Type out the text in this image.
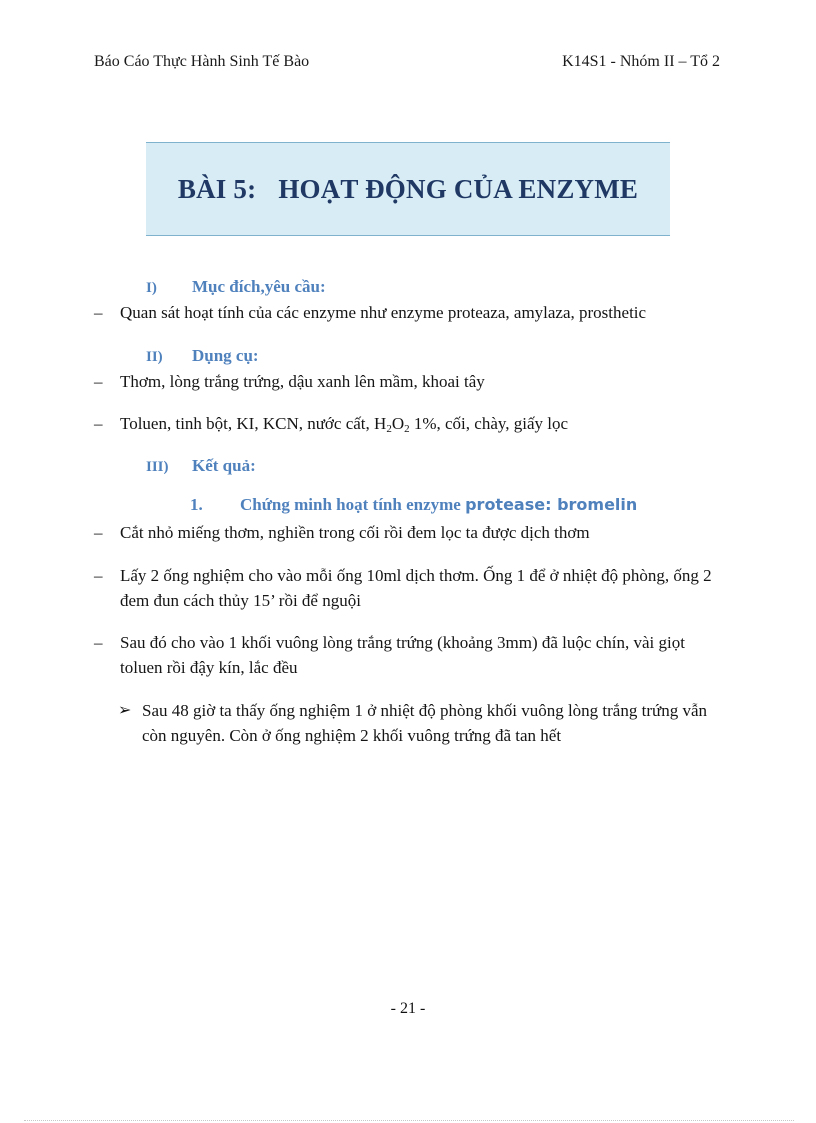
Báo Cáo Thực Hành Sinh Tế Bào	K14S1 - Nhóm II – Tổ 2
BÀI 5: HOẠT ĐỘNG CỦA ENZYME
I) Mục đích,yêu cầu:
– Quan sát hoạt tính của các enzyme như enzyme proteaza, amylaza, prosthetic
II) Dụng cụ:
– Thơm, lòng trắng trứng, dậu xanh lên mầm, khoai tây
– Toluen, tinh bột, KI, KCN, nước cất, $H_2O_2$ 1%, cối, chày, giấy lọc
III) Kết quả:
1. Chứng minh hoạt tính enzyme protease: bromelin
– Cắt nhỏ miếng thơm, nghiền trong cối rồi đem lọc ta được dịch thơm
– Lấy 2 ống nghiệm cho vào mỗi ống 10ml dịch thơm. Ống 1 để ở nhiệt độ phòng, ống 2 đem đun cách thủy 15’ rồi để nguội
– Sau đó cho vào 1 khối vuông lòng trắng trứng (khoảng 3mm) đã luộc chín, vài giọt toluen rồi đậy kín, lắc đều
➢ Sau 48 giờ ta thấy ống nghiệm 1 ở nhiệt độ phòng khối vuông lòng trắng trứng vẫn còn nguyên. Còn ở ống nghiệm 2 khối vuông trứng đã tan hết
- 21 -
